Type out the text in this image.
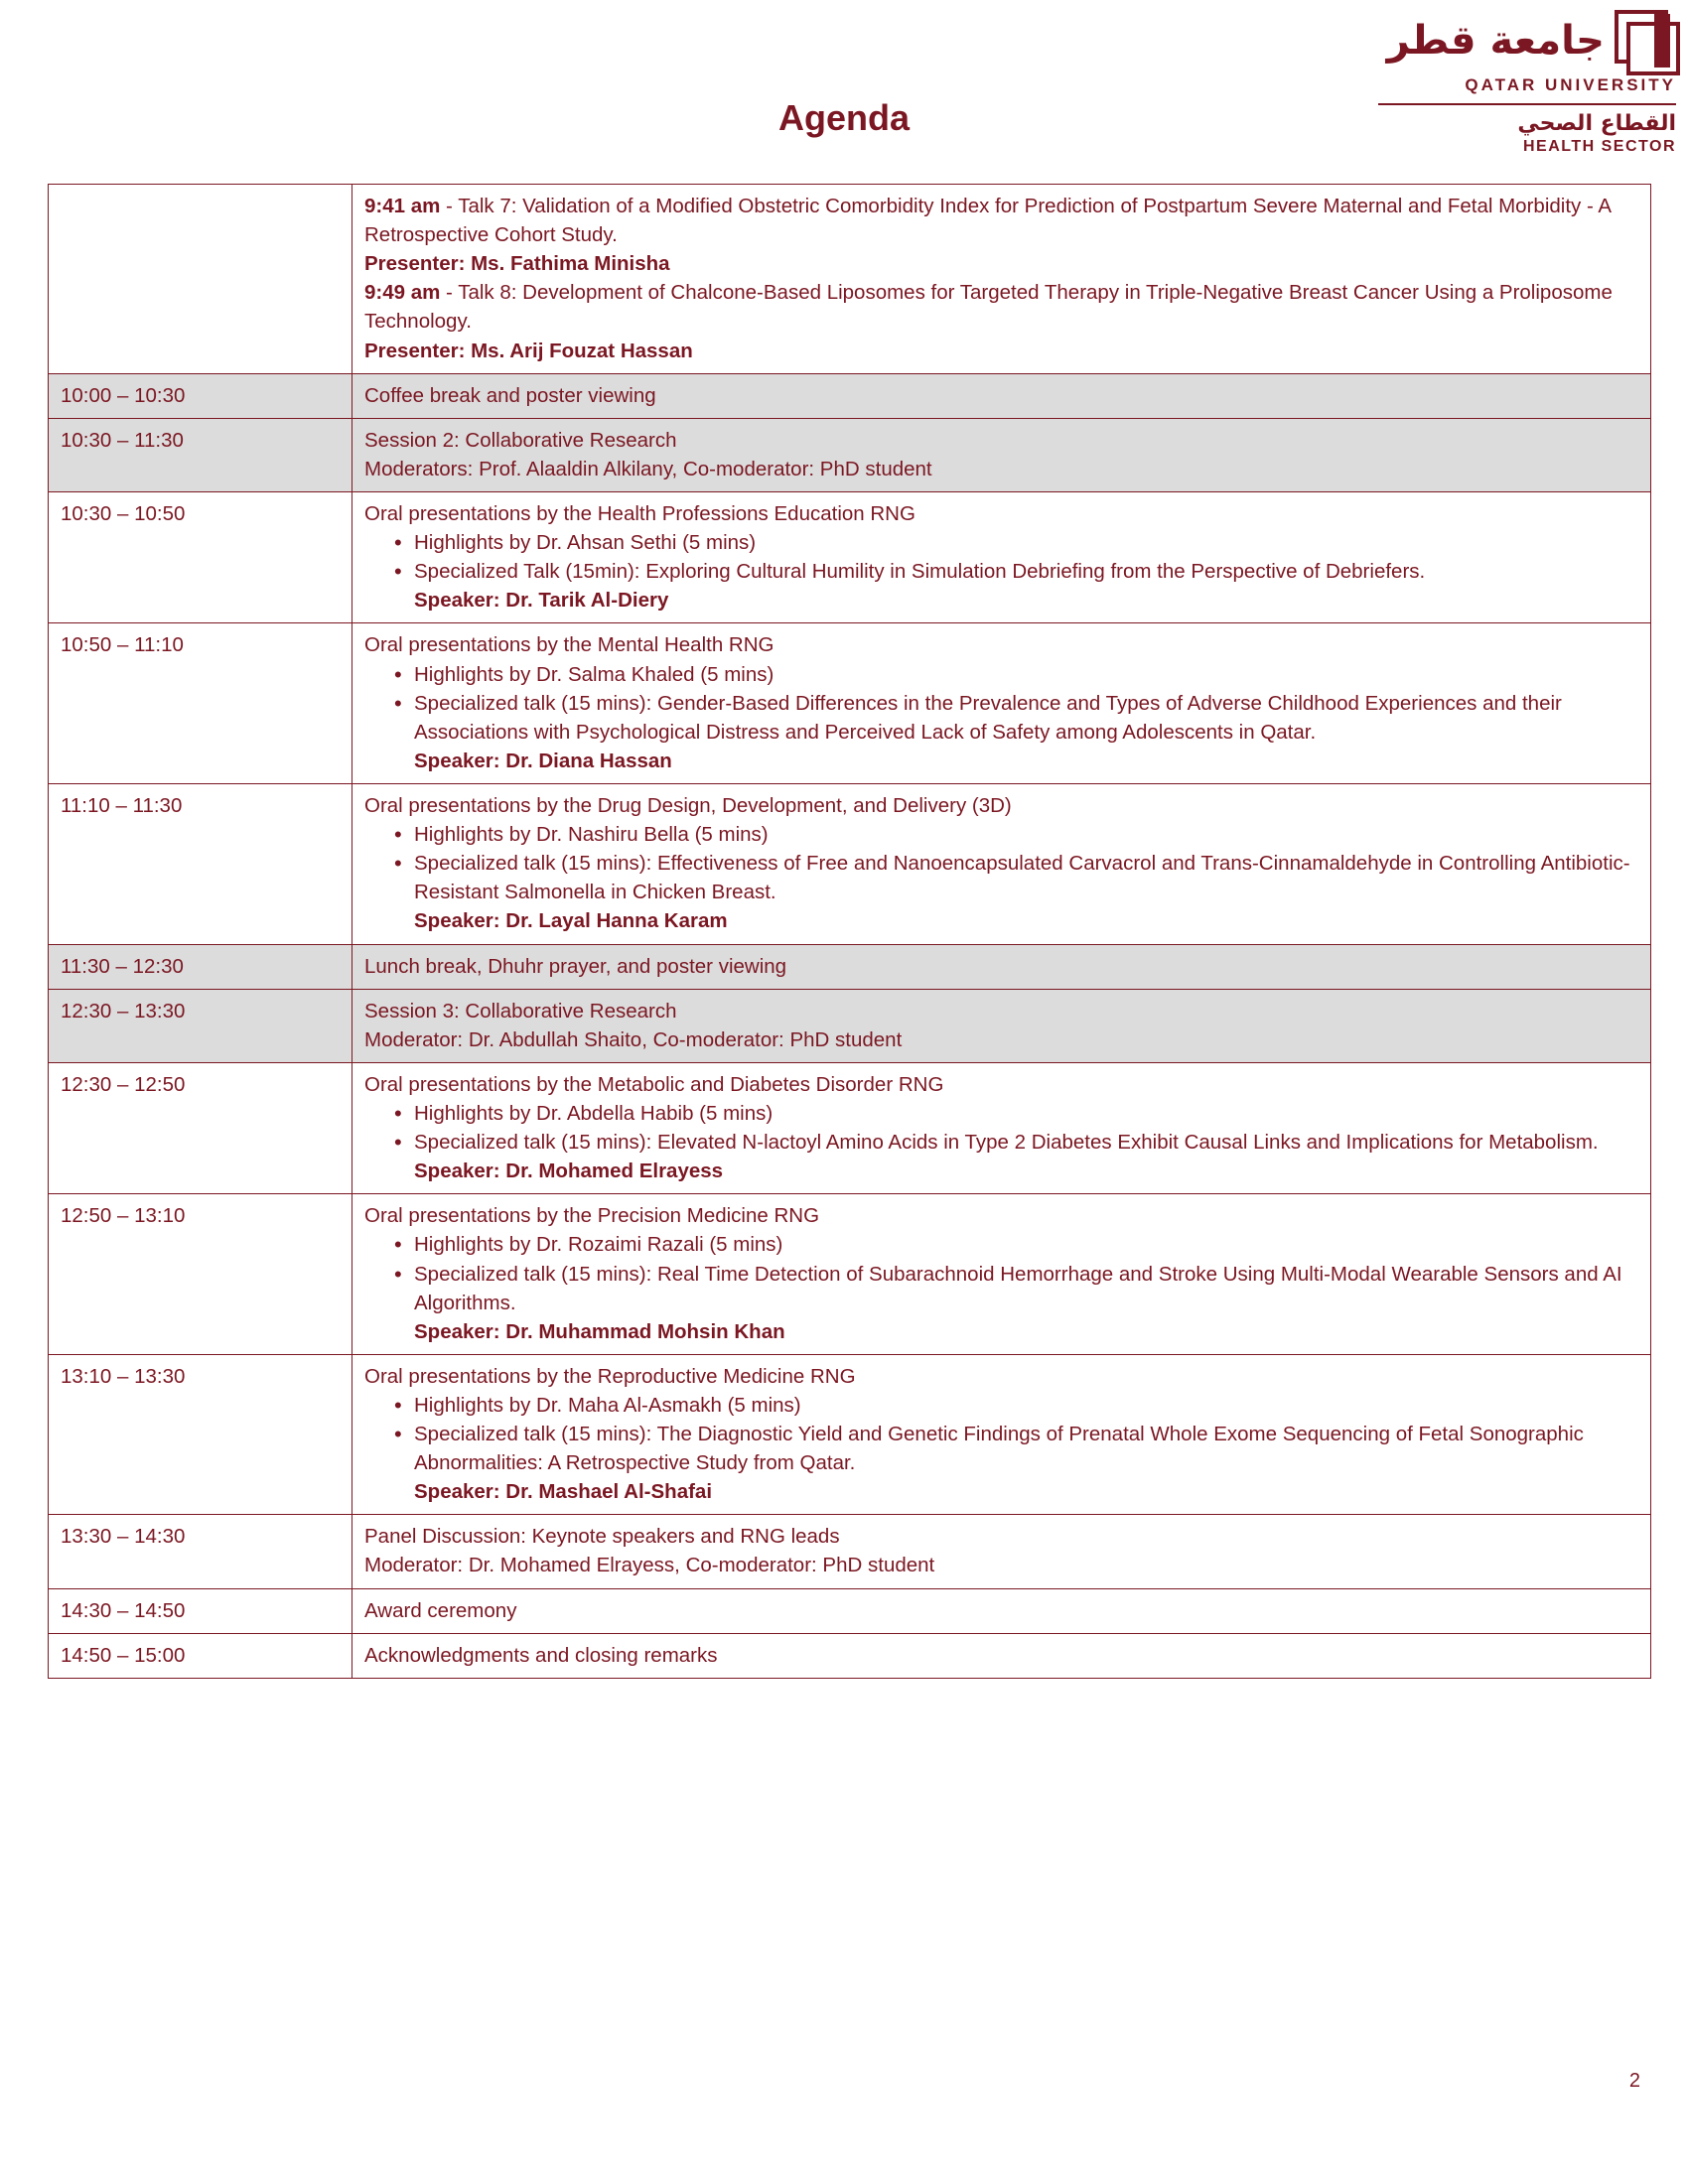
جامعة قطر
QATAR UNIVERSITY
القطاع الصحي
HEALTH SECTOR
Agenda

	9:41 am - Talk 7: Validation of a Modified Obstetric Comorbidity Index for Prediction of Postpartum Severe Maternal and Fetal Morbidity - A Retrospective Cohort Study.
Presenter: Ms. Fathima Minisha
9:49 am - Talk 8: Development of Chalcone-Based Liposomes for Targeted Therapy in Triple-Negative Breast Cancer Using a Proliposome Technology.
Presenter: Ms. Arij Fouzat Hassan

10:00 – 10:30	Coffee break and poster viewing

10:30 – 11:30	Session 2: Collaborative Research
Moderators: Prof. Alaaldin Alkilany, Co-moderator: PhD student

10:30 – 10:50	Oral presentations by the Health Professions Education RNG
• Highlights by Dr. Ahsan Sethi (5 mins)
• Specialized Talk (15min): Exploring Cultural Humility in Simulation Debriefing from the Perspective of Debriefers.
Speaker: Dr. Tarik Al-Diery

10:50 – 11:10	Oral presentations by the Mental Health RNG
• Highlights by Dr. Salma Khaled (5 mins)
• Specialized talk (15 mins): Gender-Based Differences in the Prevalence and Types of Adverse Childhood Experiences and their Associations with Psychological Distress and Perceived Lack of Safety among Adolescents in Qatar.
Speaker: Dr. Diana Hassan

11:10 – 11:30	Oral presentations by the Drug Design, Development, and Delivery (3D)
• Highlights by Dr. Nashiru Bella (5 mins)
• Specialized talk (15 mins): Effectiveness of Free and Nanoencapsulated Carvacrol and Trans-Cinnamaldehyde in Controlling Antibiotic-Resistant Salmonella in Chicken Breast.
Speaker: Dr. Layal Hanna Karam

11:30 – 12:30	Lunch break, Dhuhr prayer, and poster viewing

12:30 – 13:30	Session 3: Collaborative Research
Moderator: Dr. Abdullah Shaito, Co-moderator: PhD student

12:30 – 12:50	Oral presentations by the Metabolic and Diabetes Disorder RNG
• Highlights by Dr. Abdella Habib (5 mins)
• Specialized talk (15 mins): Elevated N-lactoyl Amino Acids in Type 2 Diabetes Exhibit Causal Links and Implications for Metabolism.
Speaker: Dr. Mohamed Elrayess

12:50 – 13:10	Oral presentations by the Precision Medicine RNG
• Highlights by Dr. Rozaimi Razali (5 mins)
• Specialized talk (15 mins): Real Time Detection of Subarachnoid Hemorrhage and Stroke Using Multi-Modal Wearable Sensors and AI Algorithms.
Speaker: Dr. Muhammad Mohsin Khan

13:10 – 13:30	Oral presentations by the Reproductive Medicine RNG
• Highlights by Dr. Maha Al-Asmakh (5 mins)
• Specialized talk (15 mins): The Diagnostic Yield and Genetic Findings of Prenatal Whole Exome Sequencing of Fetal Sonographic Abnormalities: A Retrospective Study from Qatar.
Speaker: Dr. Mashael Al-Shafai

13:30 – 14:30	Panel Discussion: Keynote speakers and RNG leads
Moderator: Dr. Mohamed Elrayess, Co-moderator: PhD student

14:30 – 14:50	Award ceremony

14:50 – 15:00	Acknowledgments and closing remarks
2
